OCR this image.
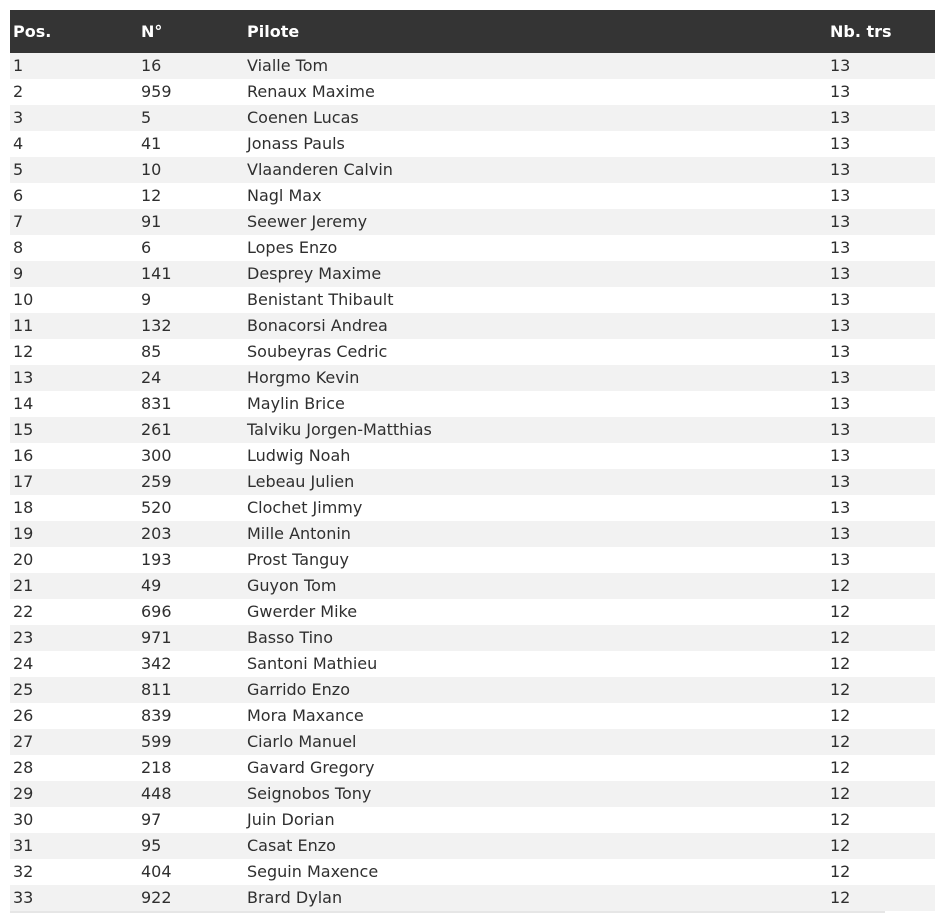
Pos.	N°	Pilote	Nb. trs
1	16	Vialle Tom	13
2	959	Renaux Maxime	13
3	5	Coenen Lucas	13
4	41	Jonass Pauls	13
5	10	Vlaanderen Calvin	13
6	12	Nagl Max	13
7	91	Seewer Jeremy	13
8	6	Lopes Enzo	13
9	141	Desprey Maxime	13
10	9	Benistant Thibault	13
11	132	Bonacorsi Andrea	13
12	85	Soubeyras Cedric	13
13	24	Horgmo Kevin	13
14	831	Maylin Brice	13
15	261	Talviku Jorgen-Matthias	13
16	300	Ludwig Noah	13
17	259	Lebeau Julien	13
18	520	Clochet Jimmy	13
19	203	Mille Antonin	13
20	193	Prost Tanguy	13
21	49	Guyon Tom	12
22	696	Gwerder Mike	12
23	971	Basso Tino	12
24	342	Santoni Mathieu	12
25	811	Garrido Enzo	12
26	839	Mora Maxance	12
27	599	Ciarlo Manuel	12
28	218	Gavard Gregory	12
29	448	Seignobos Tony	12
30	97	Juin Dorian	12
31	95	Casat Enzo	12
32	404	Seguin Maxence	12
33	922	Brard Dylan	12
